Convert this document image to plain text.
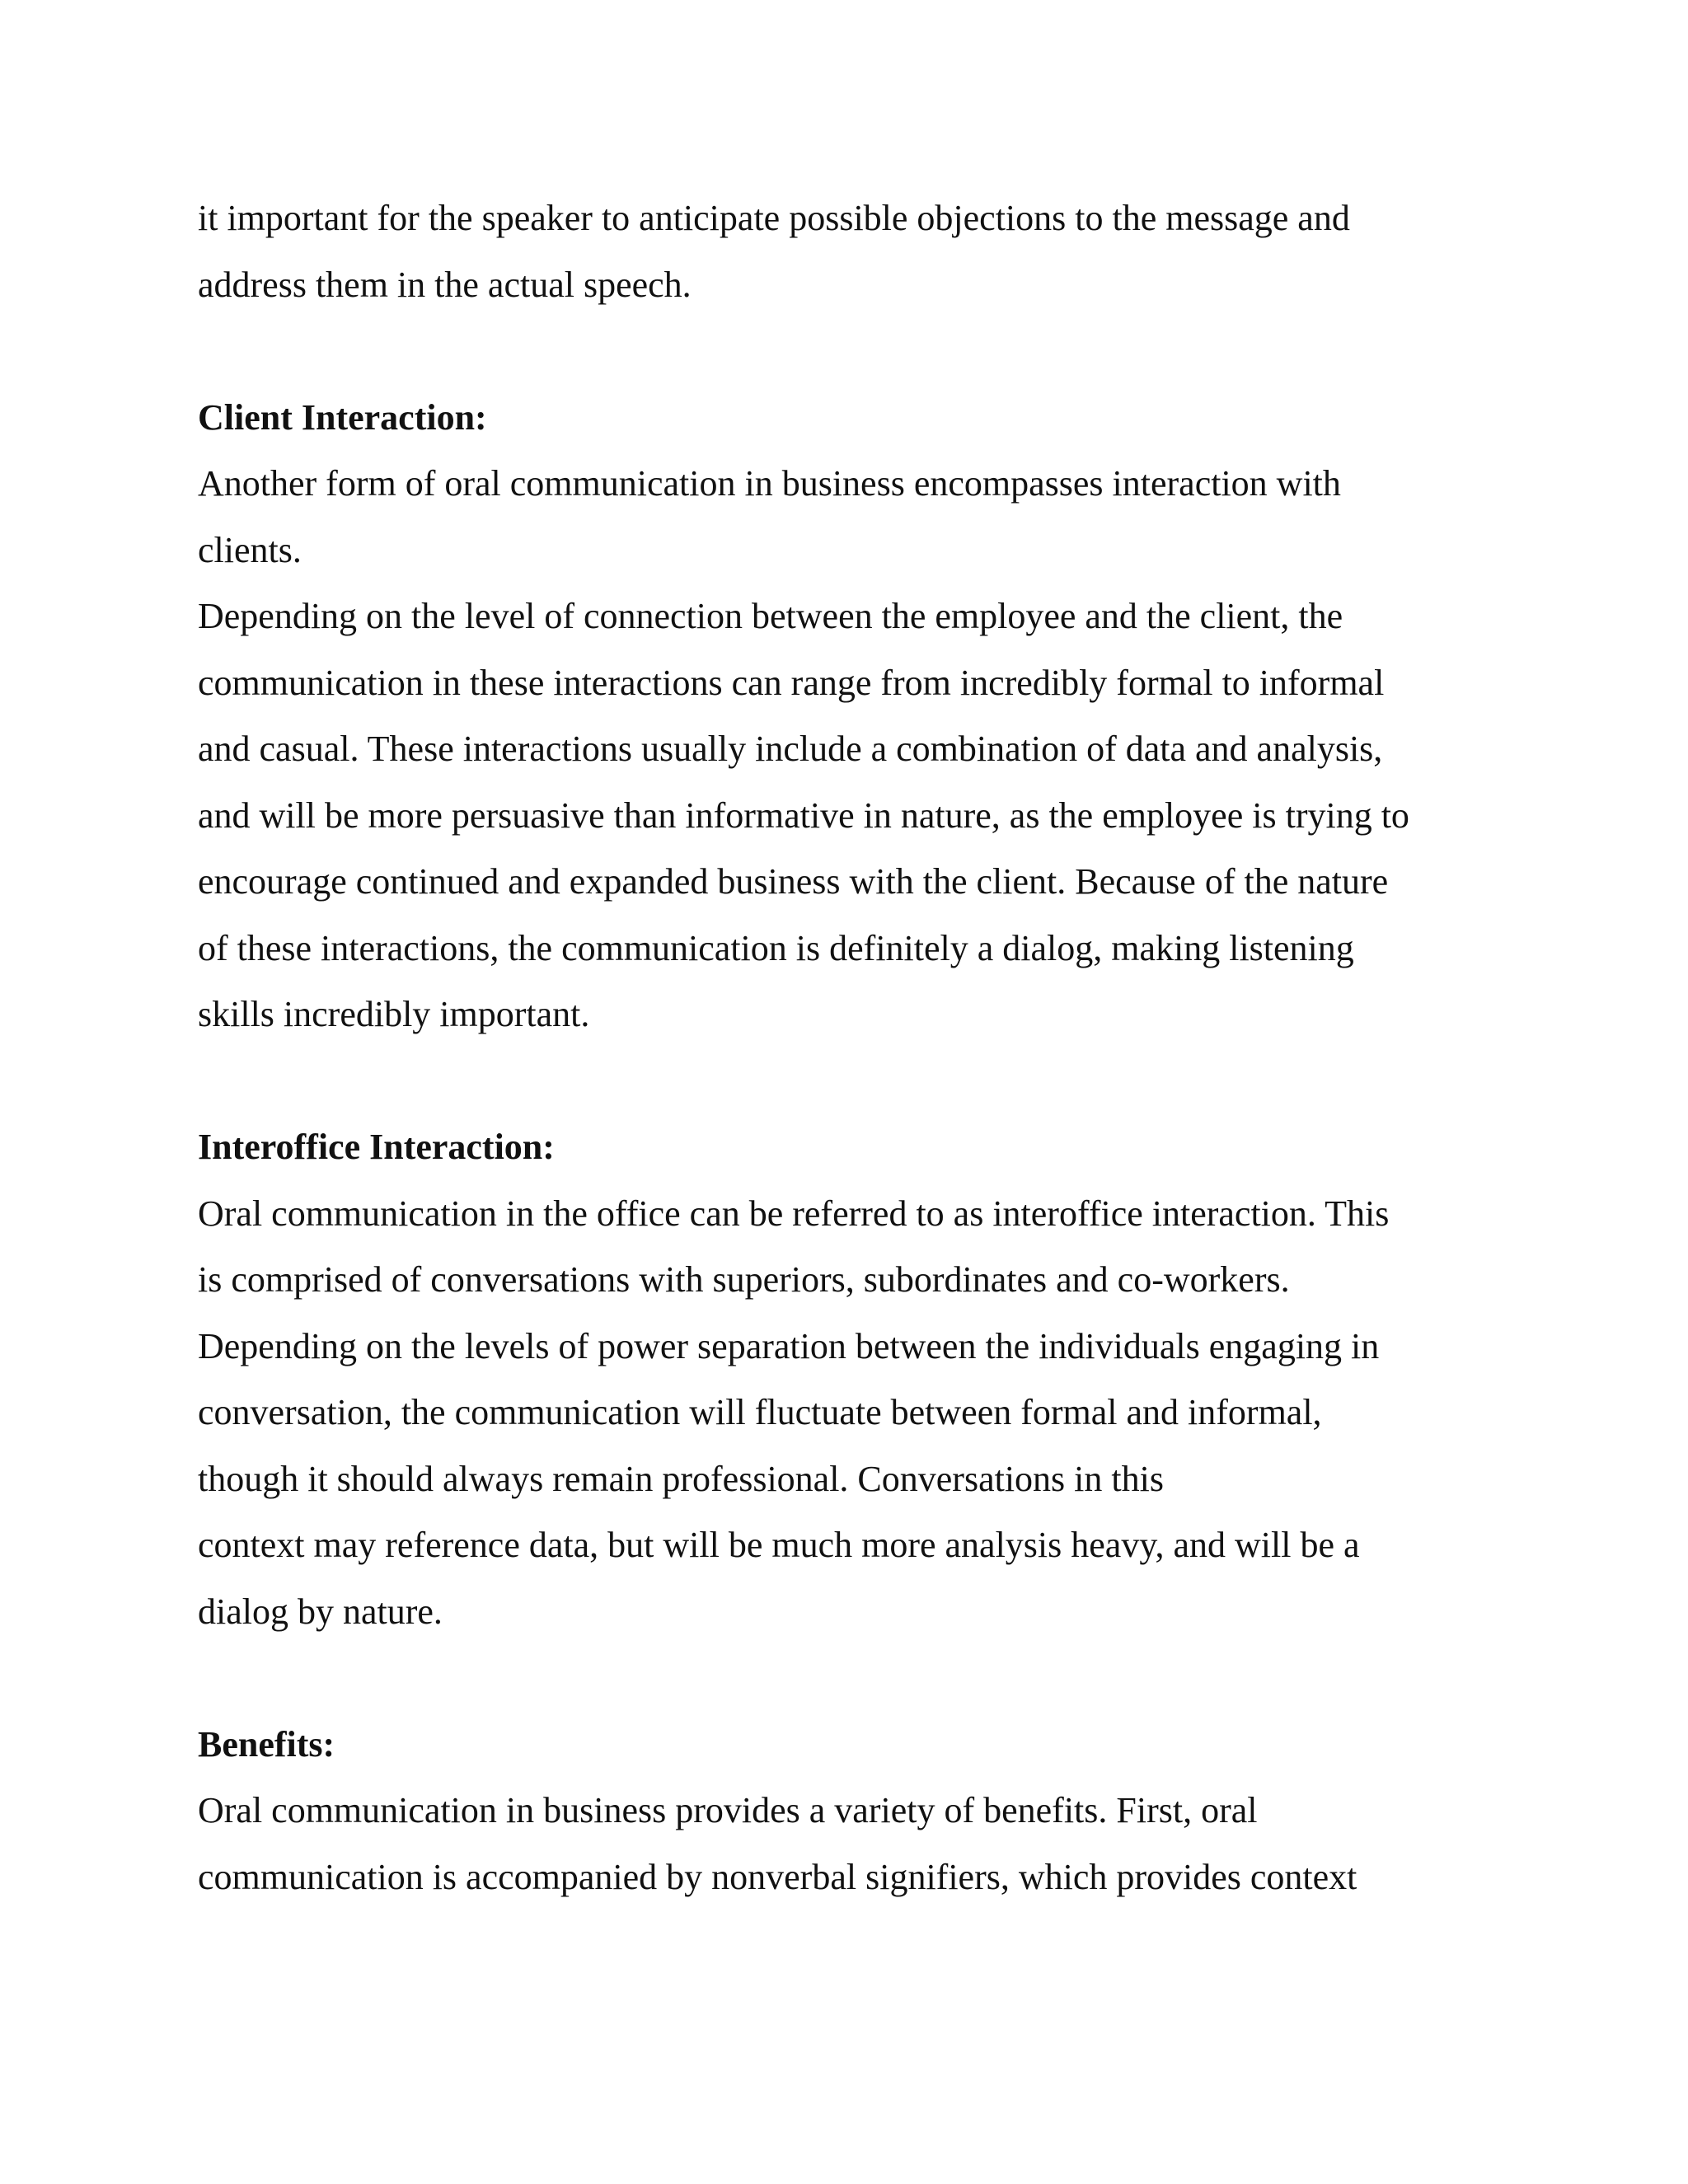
it important for the speaker to anticipate possible objections to the message and
address them in the actual speech.
Client Interaction:
Another form of oral communication in business encompasses interaction with
clients.
Depending on the level of connection between the employee and the client, the
communication in these interactions can range from incredibly formal to informal
and casual. These interactions usually include a combination of data and analysis,
and will be more persuasive than informative in nature, as the employee is trying to
encourage continued and expanded business with the client. Because of the nature
of these interactions, the communication is definitely a dialog, making listening
skills incredibly important.
Interoffice Interaction:
Oral communication in the office can be referred to as interoffice interaction. This
is comprised of conversations with superiors, subordinates and co-workers.
Depending on the levels of power separation between the individuals engaging in
conversation, the communication will fluctuate between formal and informal,
though it should always remain professional. Conversations in this
context may reference data, but will be much more analysis heavy, and will be a
dialog by nature.
Benefits:
Oral communication in business provides a variety of benefits. First, oral
communication is accompanied by nonverbal signifiers, which provides context
